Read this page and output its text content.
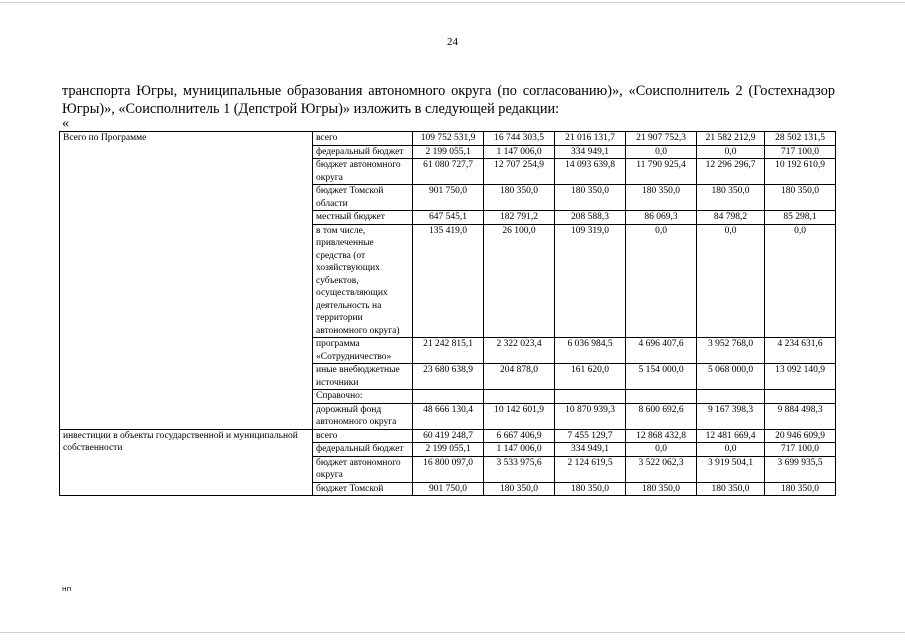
24
транспорта Югры, муниципальные образования автономного округа (по согласованию)», «Соисполнитель 2 (Гостехнадзор Югры)», «Соисполнитель 1 (Депстрой Югры)» изложить в следующей редакции:
«
Всего по Программе	всего	109 752 531,9	16 744 303,5	21 016 131,7	21 907 752,3	21 582 212,9	28 502 131,5
	федеральный бюджет	2 199 055,1	1 147 006,0	334 949,1	0,0	0,0	717 100,0
	бюджет автономного округа	61 080 727,7	12 707 254,9	14 093 639,8	11 790 925,4	12 296 296,7	10 192 610,9
	бюджет Томской области	901 750,0	180 350,0	180 350,0	180 350,0	180 350,0	180 350,0
	местный бюджет	647 545,1	182 791,2	208 588,3	86 069,3	84 798,2	85 298,1
	в том числе, привлеченные средства (от хозяйствующих субъектов, осуществляющих деятельность на территории автономного округа)	135 419,0	26 100,0	109 319,0	0,0	0,0	0,0
	программа «Сотрудничество»	21 242 815,1	2 322 023,4	6 036 984,5	4 696 407,6	3 952 768,0	4 234 631,6
	иные внебюджетные источники	23 680 638,9	204 878,0	161 620,0	5 154 000,0	5 068 000,0	13 092 140,9
	Справочно:						
	дорожный фонд автономного округа	48 666 130,4	10 142 601,9	10 870 939,3	8 600 692,6	9 167 398,3	9 884 498,3
инвестиции в объекты государственной и муниципальной собственности	всего	60 419 248,7	6 667 406,9	7 455 129,7	12 868 432,8	12 481 669,4	20 946 609,9
	федеральный бюджет	2 199 055,1	1 147 006,0	334 949,1	0,0	0,0	717 100,0
	бюджет автономного округа	16 800 097,0	3 533 975,6	2 124 619,5	3 522 062,3	3 919 504,1	3 699 935,5
	бюджет Томской	901 750,0	180 350,0	180 350,0	180 350,0	180 350,0	180 350,0
нп
